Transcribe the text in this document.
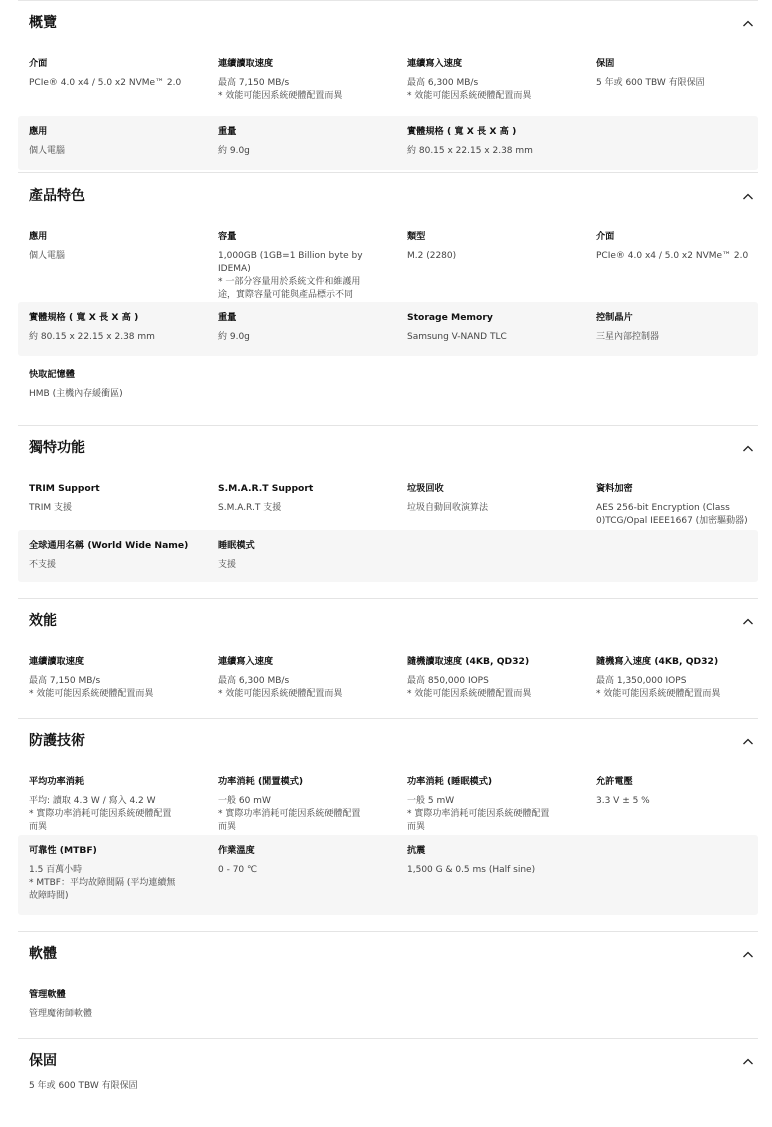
概覽
介面
PCIe® 4.0 x4 / 5.0 x2 NVMe™ 2.0
連續讀取速度
最高 7,150 MB/s
* 效能可能因系統硬體配置而異
連續寫入速度
最高 6,300 MB/s
* 效能可能因系統硬體配置而異
保固
5 年或 600 TBW 有限保固
應用
個人電腦
重量
約 9.0g
實體規格 ( 寬 X 長 X 高 )
約 80.15 x 22.15 x 2.38 mm
產品特色
應用
個人電腦
容量
1,000GB (1GB=1 Billion byte by
IDEMA)
* 一部分容量用於系統文件和維護用
途，實際容量可能與產品標示不同
類型
M.2 (2280)
介面
PCIe® 4.0 x4 / 5.0 x2 NVMe™ 2.0
實體規格 ( 寬 X 長 X 高 )
約 80.15 x 22.15 x 2.38 mm
重量
約 9.0g
Storage Memory
Samsung V-NAND TLC
控制晶片
三星內部控制器
快取記憶體
HMB (主機內存緩衝區)
獨特功能
TRIM Support
TRIM 支援
S.M.A.R.T Support
S.M.A.R.T 支援
垃圾回收
垃圾自動回收演算法
資料加密
AES 256-bit Encryption (Class
0)TCG/Opal IEEE1667 (加密驅動器)
全球通用名稱 (World Wide Name)
不支援
睡眠模式
支援
效能
連續讀取速度
最高 7,150 MB/s
* 效能可能因系統硬體配置而異
連續寫入速度
最高 6,300 MB/s
* 效能可能因系統硬體配置而異
隨機讀取速度 (4KB, QD32)
最高 850,000 IOPS
* 效能可能因系統硬體配置而異
隨機寫入速度 (4KB, QD32)
最高 1,350,000 IOPS
* 效能可能因系統硬體配置而異
防護技術
平均功率消耗
平均: 讀取 4.3 W / 寫入 4.2 W
* 實際功率消耗可能因系統硬體配置
而異
功率消耗 (閒置模式)
一般 60 mW
* 實際功率消耗可能因系統硬體配置
而異
功率消耗 (睡眠模式)
一般 5 mW
* 實際功率消耗可能因系統硬體配置
而異
允許電壓
3.3 V ± 5 %
可靠性 (MTBF)
1.5 百萬小時
* MTBF：平均故障間隔 (平均連續無
故障時間)
作業溫度
0 - 70 ℃
抗震
1,500 G & 0.5 ms (Half sine)
軟體
管理軟體
管理魔術師軟體
保固
5 年或 600 TBW 有限保固
